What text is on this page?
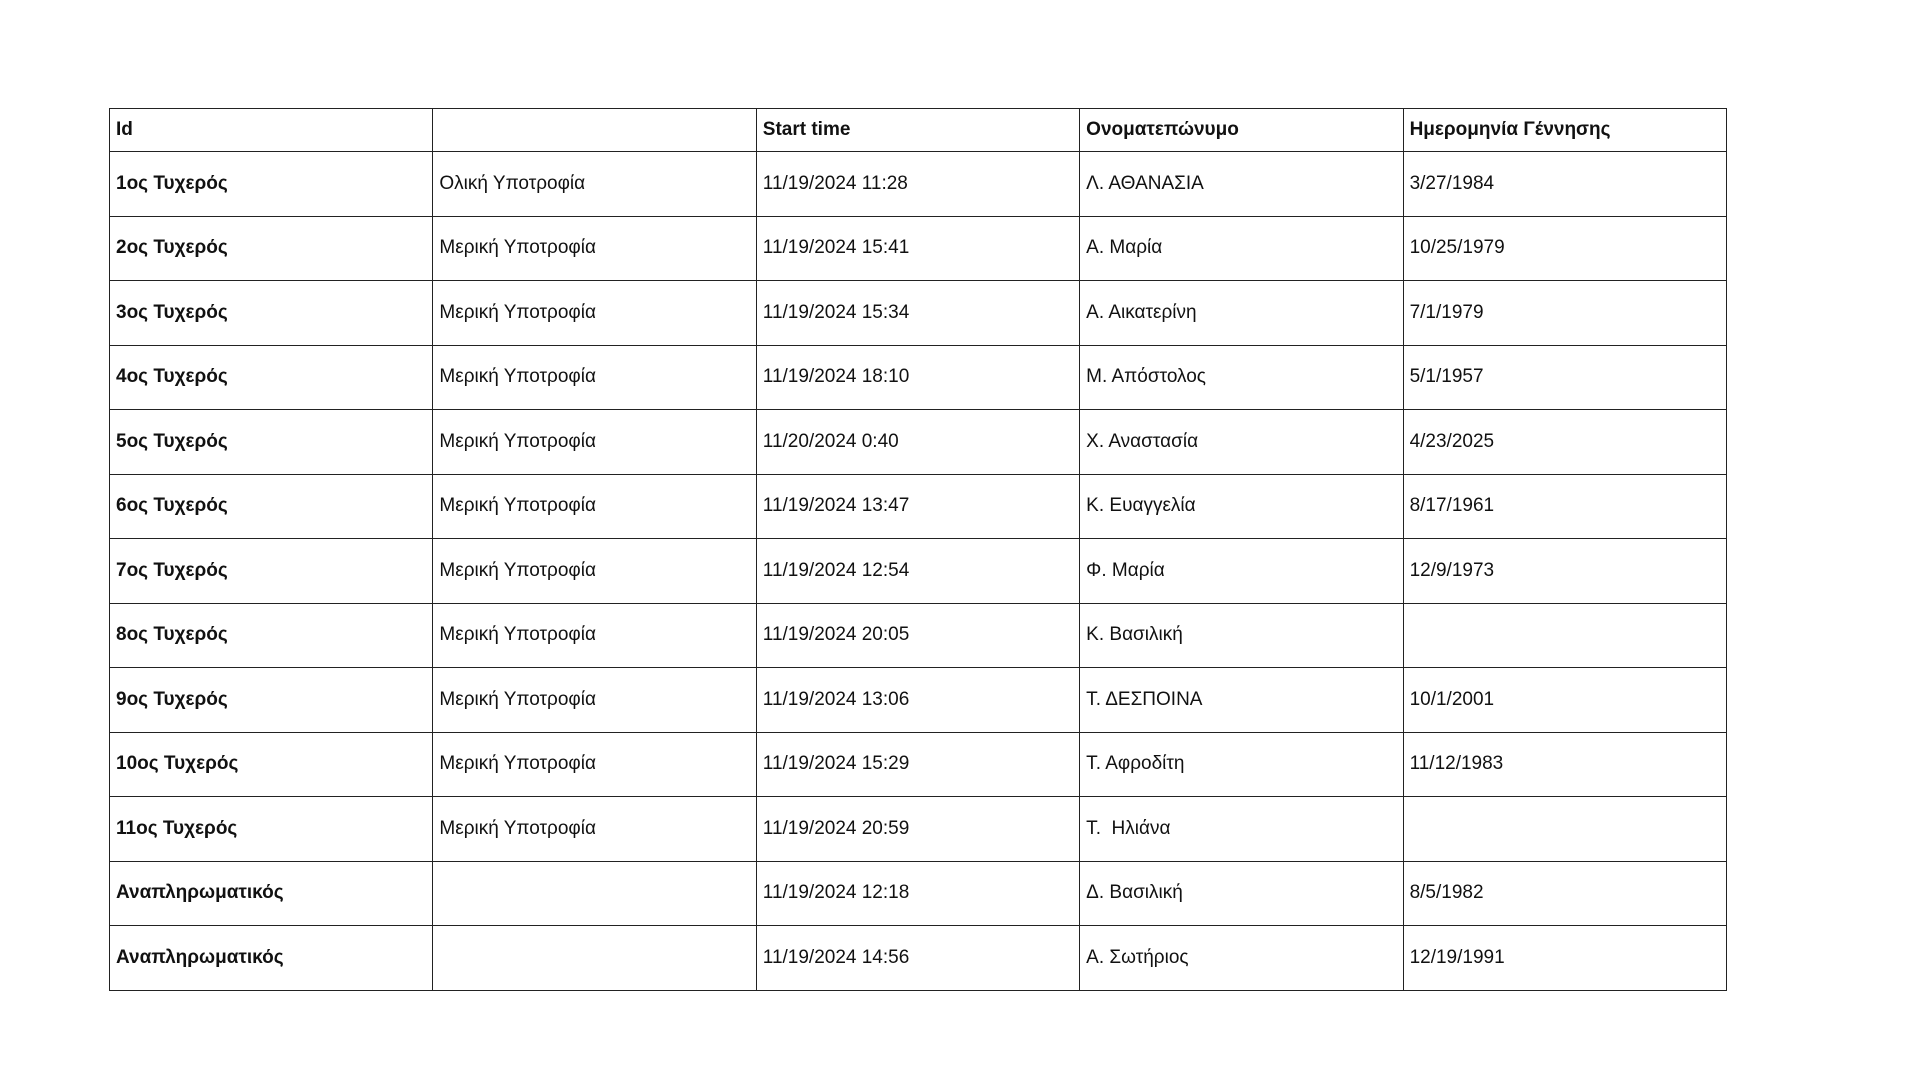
Id		Start time	Ονοματεπώνυμο	Ημερομηνία Γέννησης
1ος Τυχερός	Ολική Υποτροφία	11/19/2024 11:28	Λ. ΑΘΑΝΑΣΙΑ	3/27/1984
2ος Τυχερός	Μερική Υποτροφία	11/19/2024 15:41	Α. Μαρία	10/25/1979
3ος Τυχερός	Μερική Υποτροφία	11/19/2024 15:34	Α. Αικατερίνη	7/1/1979
4ος Τυχερός	Μερική Υποτροφία	11/19/2024 18:10	Μ. Απόστολος	5/1/1957
5ος Τυχερός	Μερική Υποτροφία	11/20/2024 0:40	Χ. Αναστασία	4/23/2025
6ος Τυχερός	Μερική Υποτροφία	11/19/2024 13:47	Κ. Ευαγγελία	8/17/1961
7ος Τυχερός	Μερική Υποτροφία	11/19/2024 12:54	Φ. Μαρία	12/9/1973
8ος Τυχερός	Μερική Υποτροφία	11/19/2024 20:05	Κ. Βασιλική	
9ος Τυχερός	Μερική Υποτροφία	11/19/2024 13:06	Τ. ΔΕΣΠΟΙΝΑ	10/1/2001
10ος Τυχερός	Μερική Υποτροφία	11/19/2024 15:29	Τ. Αφροδίτη	11/12/1983
11ος Τυχερός	Μερική Υποτροφία	11/19/2024 20:59	Τ.  Ηλιάνα	
Αναπληρωματικός		11/19/2024 12:18	Δ. Βασιλική	8/5/1982
Αναπληρωματικός		11/19/2024 14:56	Α. Σωτήριος	12/19/1991
